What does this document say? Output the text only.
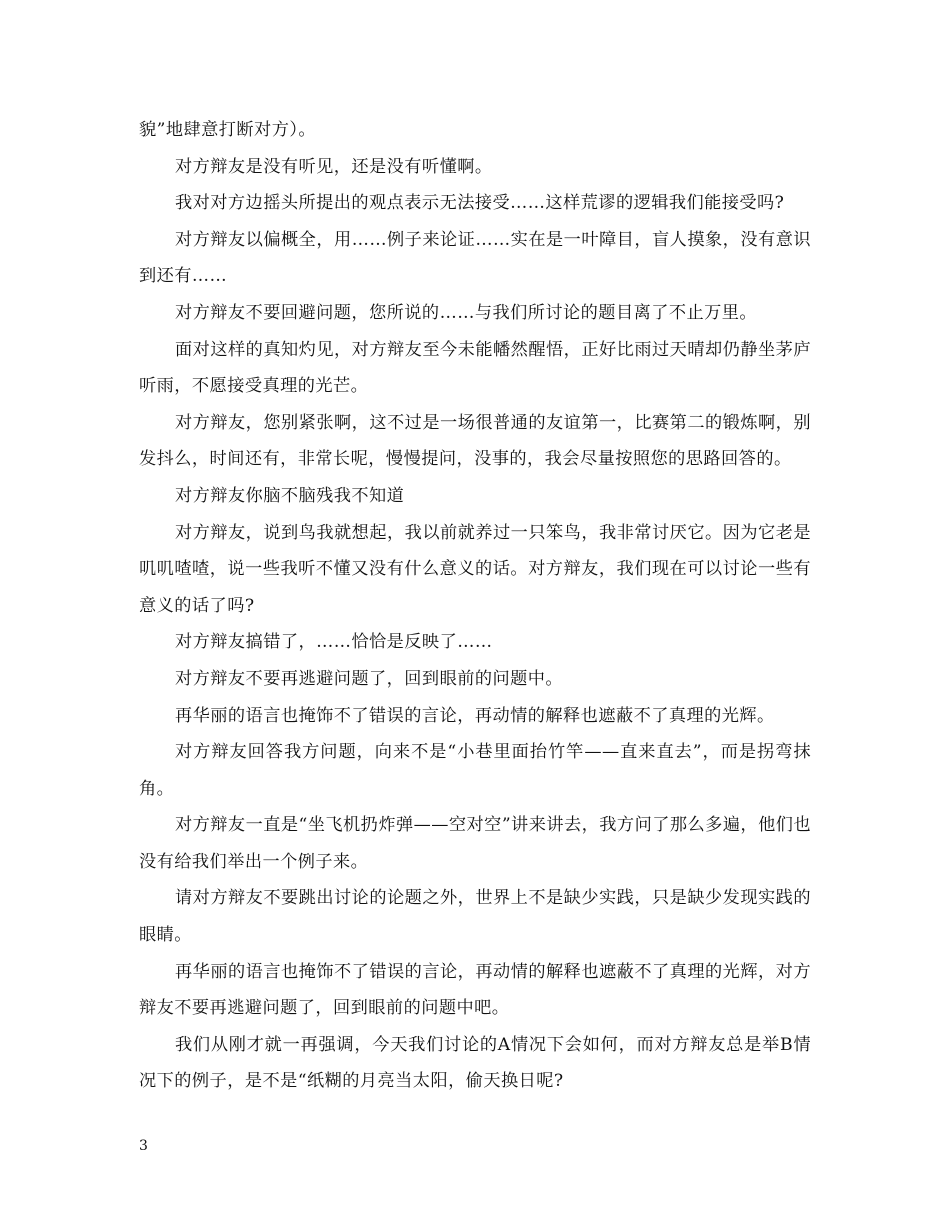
貌”地肆意打断对方）。

对方辩友是没有听见，还是没有听懂啊。

我对对方边摇头所提出的观点表示无法接受……这样荒谬的逻辑我们能接受吗?

对方辩友以偏概全，用……例子来论证……实在是一叶障目，盲人摸象，没有意识到还有……

对方辩友不要回避问题，您所说的……与我们所讨论的题目离了不止万里。

面对这样的真知灼见，对方辩友至今未能幡然醒悟，正好比雨过天晴却仍静坐茅庐听雨，不愿接受真理的光芒。

对方辩友，您别紧张啊，这不过是一场很普通的友谊第一，比赛第二的锻炼啊，别发抖么，时间还有，非常长呢，慢慢提问，没事的，我会尽量按照您的思路回答的。

对方辩友你脑不脑残我不知道

对方辩友，说到鸟我就想起，我以前就养过一只笨鸟，我非常讨厌它。因为它老是叽叽喳喳，说一些我听不懂又没有什么意义的话。对方辩友，我们现在可以讨论一些有意义的话了吗?

对方辩友搞错了，……恰恰是反映了……

对方辩友不要再逃避问题了，回到眼前的问题中。

再华丽的语言也掩饰不了错误的言论，再动情的解释也遮蔽不了真理的光辉。

对方辩友回答我方问题，向来不是“小巷里面抬竹竿——直来直去”，而是拐弯抹角。

对方辩友一直是“坐飞机扔炸弹——空对空”讲来讲去，我方问了那么多遍，他们也没有给我们举出一个例子来。

请对方辩友不要跳出讨论的论题之外，世界上不是缺少实践，只是缺少发现实践的眼睛。

再华丽的语言也掩饰不了错误的言论，再动情的解释也遮蔽不了真理的光辉，对方辩友不要再逃避问题了，回到眼前的问题中吧。

我们从刚才就一再强调，今天我们讨论的A情况下会如何，而对方辩友总是举B情况下的例子，是不是“纸糊的月亮当太阳，偷天换日呢?

3
